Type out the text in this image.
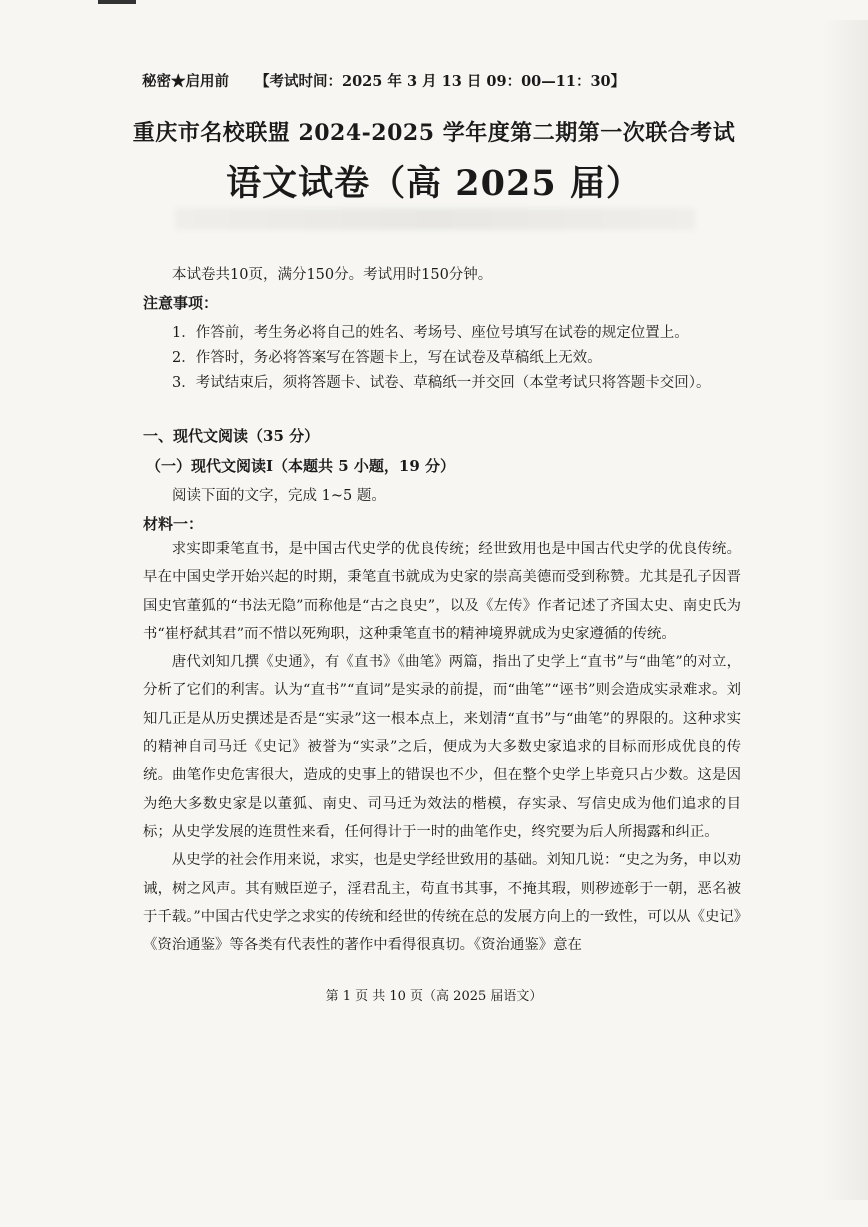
秘密★启用前 【考试时间：2025 年 3 月 13 日 09：00—11：30】
重庆市名校联盟 2024-2025 学年度第二期第一次联合考试
语文试卷（高 2025 届）
本试卷共10页，满分150分。考试用时150分钟。
注意事项：
1．作答前，考生务必将自己的姓名、考场号、座位号填写在试卷的规定位置上。
2．作答时，务必将答案写在答题卡上，写在试卷及草稿纸上无效。
3．考试结束后，须将答题卡、试卷、草稿纸一并交回（本堂考试只将答题卡交回）。
一、现代文阅读（35 分）
（一）现代文阅读Ⅰ（本题共 5 小题，19 分）
阅读下面的文字，完成 1~5 题。
材料一：

求实即秉笔直书，是中国古代史学的优良传统；经世致用也是中国古代史学的优良传统。早在中国史学开始兴起的时期，秉笔直书就成为史家的崇高美德而受到称赞。尤其是孔子因晋国史官董狐的“书法无隐”而称他是“古之良史”，以及《左传》作者记述了齐国太史、南史氏为书“崔杼弑其君”而不惜以死殉职，这种秉笔直书的精神境界就成为史家遵循的传统。

唐代刘知几撰《史通》，有《直书》《曲笔》两篇，指出了史学上“直书”与“曲笔”的对立，分析了它们的利害。认为“直书”“直词”是实录的前提，而“曲笔”“诬书”则会造成实录难求。刘知几正是从历史撰述是否是“实录”这一根本点上，来划清“直书”与“曲笔”的界限的。这种求实的精神自司马迁《史记》被誉为“实录”之后，便成为大多数史家追求的目标而形成优良的传统。曲笔作史危害很大，造成的史事上的错误也不少，但在整个史学上毕竟只占少数。这是因为绝大多数史家是以董狐、南史、司马迁为效法的楷模，存实录、写信史成为他们追求的目标；从史学发展的连贯性来看，任何得计于一时的曲笔作史，终究要为后人所揭露和纠正。

从史学的社会作用来说，求实，也是史学经世致用的基础。刘知几说：“史之为务，申以劝诫，树之风声。其有贼臣逆子，淫君乱主，苟直书其事，不掩其瑕，则秽迹彰于一朝，恶名被于千载。”中国古代史学之求实的传统和经世的传统在总的发展方向上的一致性，可以从《史记》《资治通鉴》等各类有代表性的著作中看得很真切。《资治通鉴》意在

第 1 页 共 10 页（高 2025 届语文）
